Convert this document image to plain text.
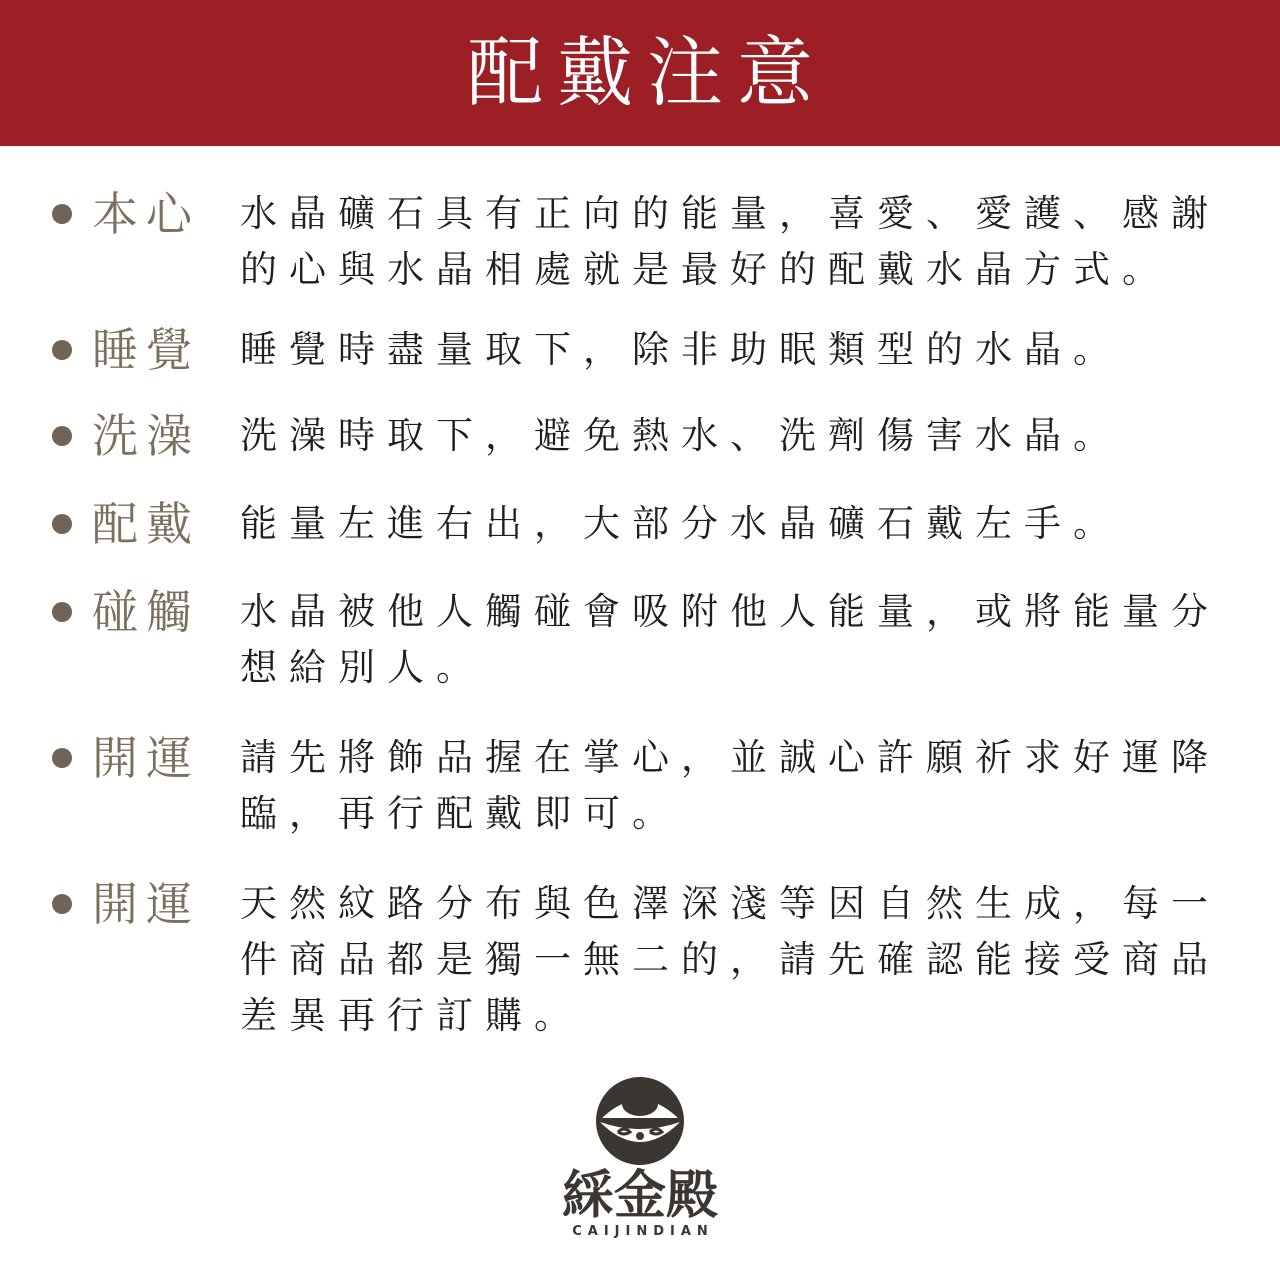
配戴注意
本心 水晶礦石具有正向的能量，喜愛、愛護、感謝
的心與水晶相處就是最好的配戴水晶方式。
睡覺 睡覺時盡量取下，除非助眠類型的水晶。
洗澡 洗澡時取下，避免熱水、洗劑傷害水晶。
配戴 能量左進右出，大部分水晶礦石戴左手。
碰觸 水晶被他人觸碰會吸附他人能量，或將能量分
想給別人。
開運 請先將飾品握在掌心，並誠心許願祈求好運降
臨，再行配戴即可。
開運 天然紋路分布與色澤深淺等因自然生成，每一
件商品都是獨一無二的，請先確認能接受商品
差異再行訂購。
綵金殿
CAIJINDIAN
